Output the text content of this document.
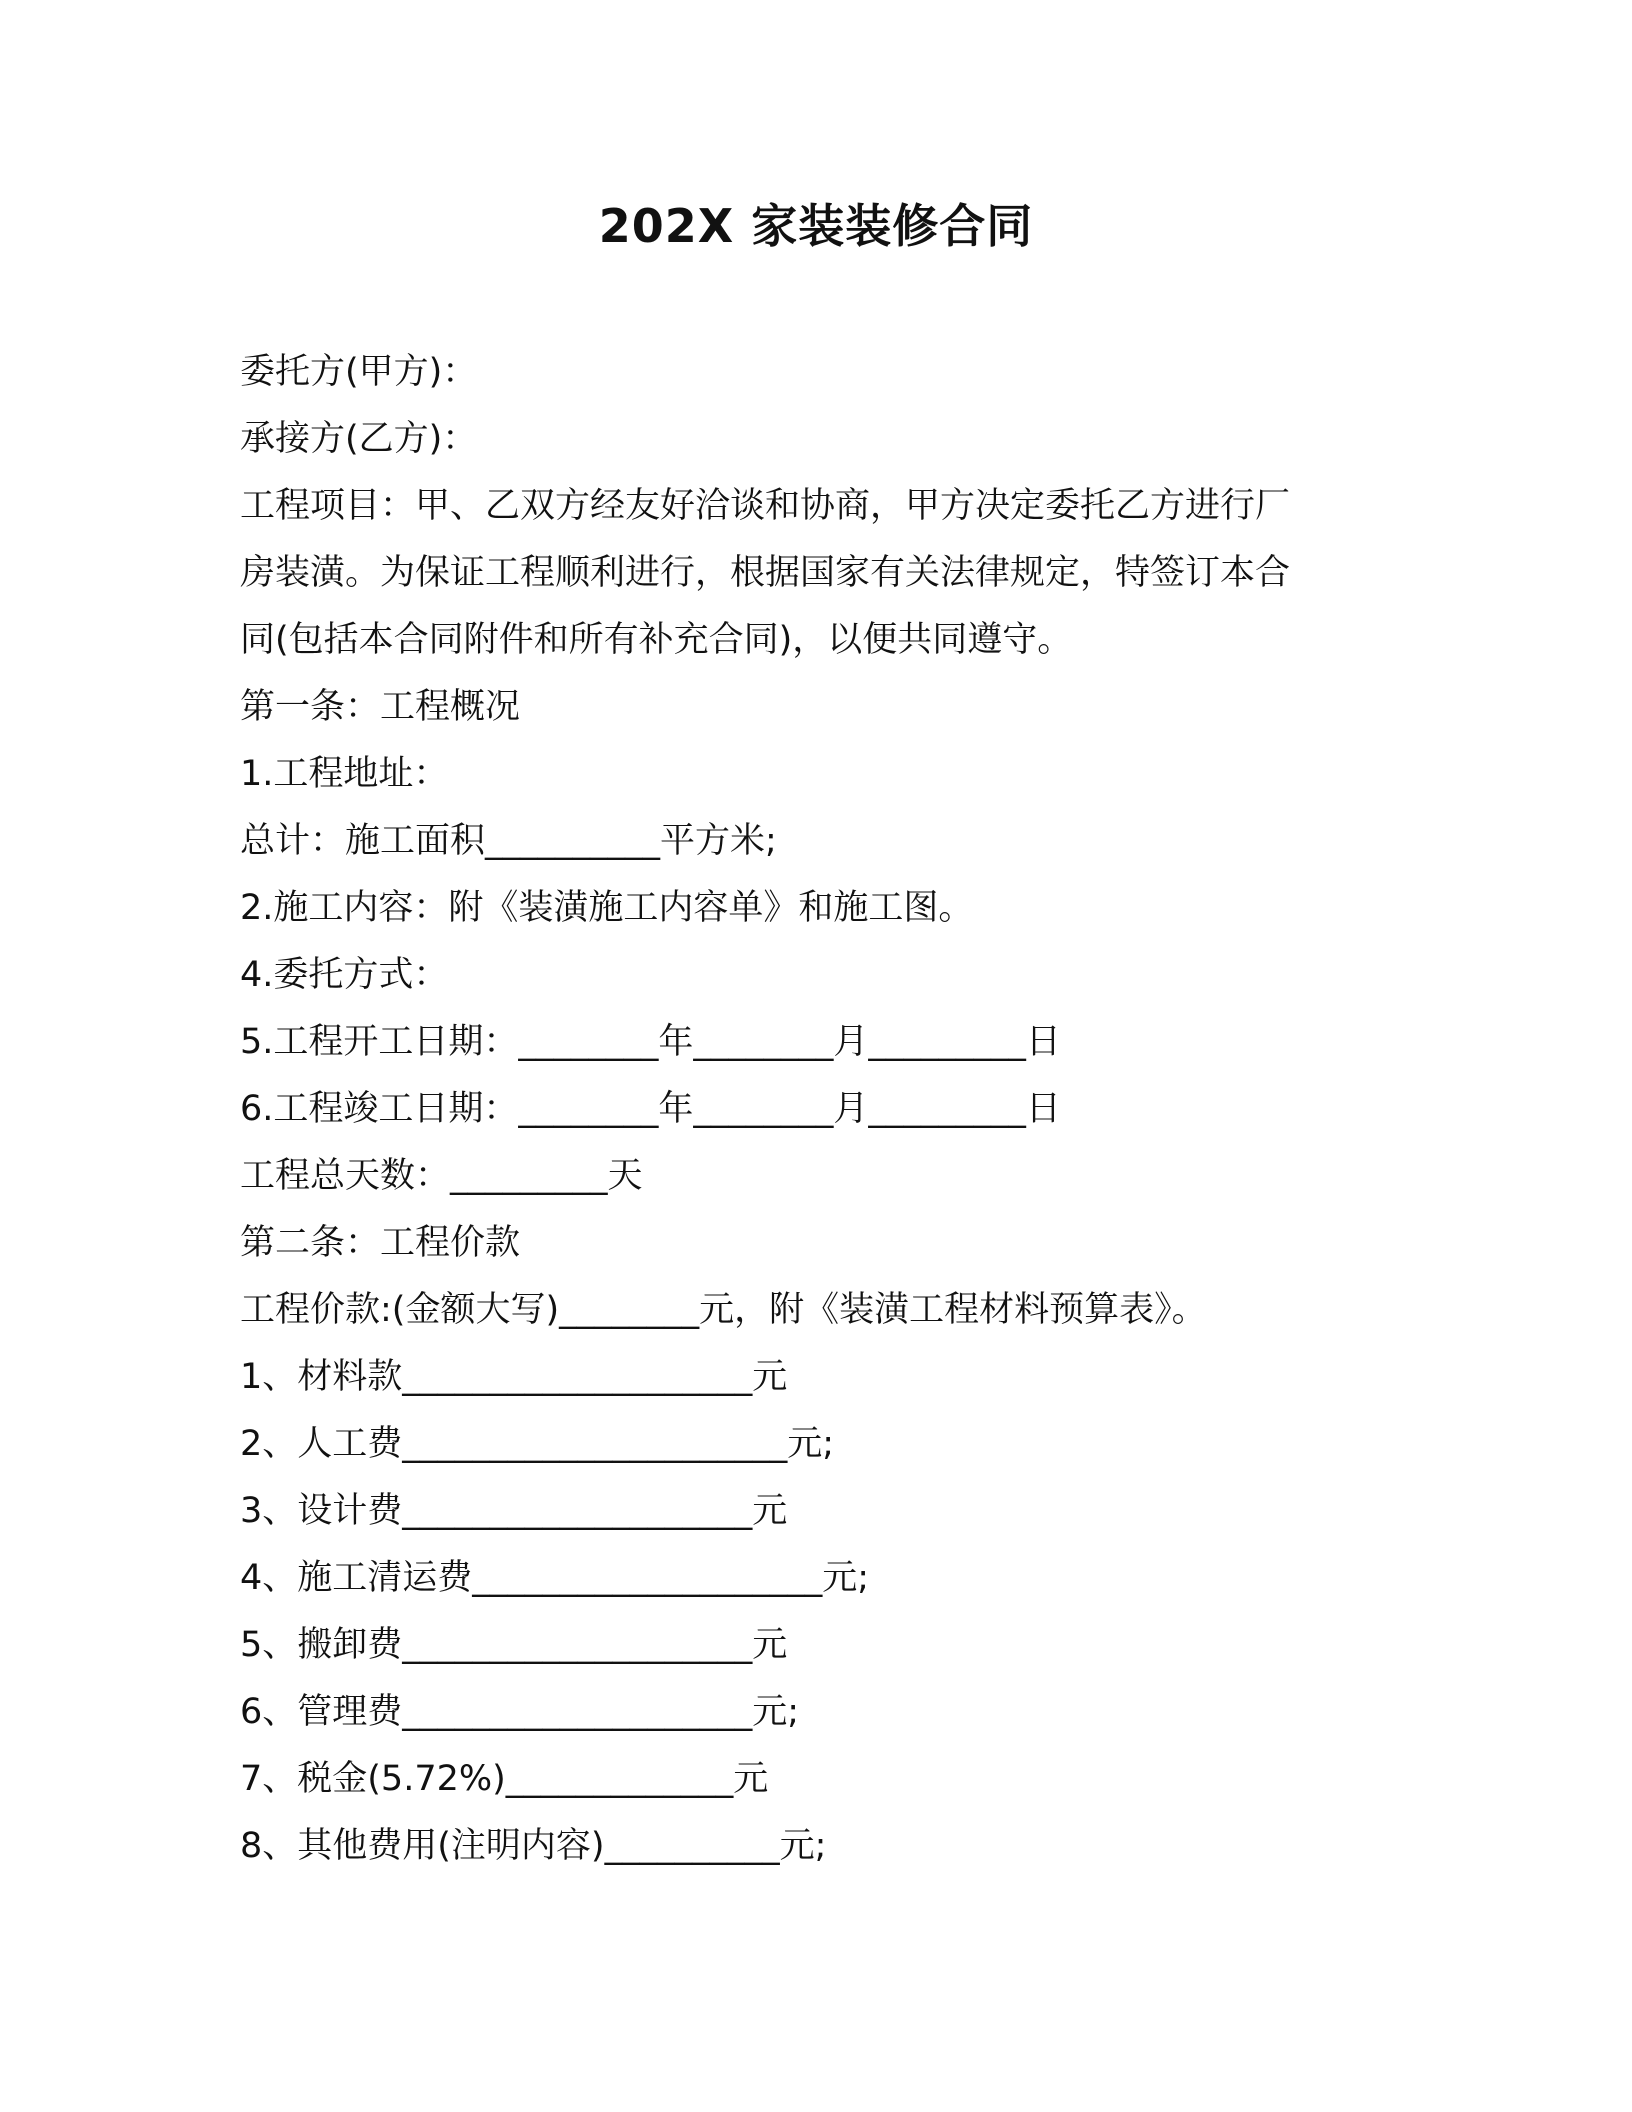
202X 家装装修合同
委托方(甲方)：
承接方(乙方)：
工程项目：甲、乙双方经友好洽谈和协商，甲方决定委托乙方进行厂
房装潢。为保证工程顺利进行，根据国家有关法律规定，特签订本合
同(包括本合同附件和所有补充合同)，以便共同遵守。
第一条：工程概况
1.工程地址：
总计：施工面积__________平方米;
2.施工内容：附《装潢施工内容单》和施工图。
4.委托方式：
5.工程开工日期：________年________月_________日
6.工程竣工日期：________年________月_________日
工程总天数：_________天
第二条：工程价款
工程价款:(金额大写)________元，附《装潢工程材料预算表》。
1、材料款____________________元
2、人工费______________________元;
3、设计费____________________元
4、施工清运费____________________元;
5、搬卸费____________________元
6、管理费____________________元;
7、税金(5.72%)_____________元
8、其他费用(注明内容)__________元;
